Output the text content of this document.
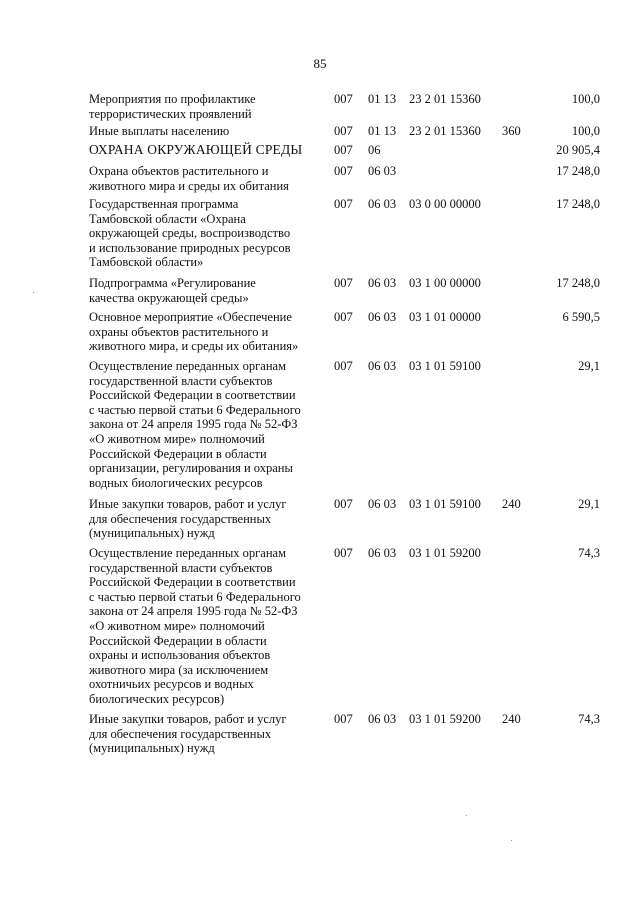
85
Мероприятия по профилактике
террористических проявлений
007 01 13 23 2 01 15360	100,0
Иные выплаты населению	007 01 13 23 2 01 15360 360	100,0
ОХРАНА ОКРУЖАЮЩЕЙ СРЕДЫ	007 06	20 905,4
Охрана объектов растительного и
животного мира и среды их обитания
007 06 03	17 248,0
Государственная программа
Тамбовской области «Охрана
окружающей среды, воспроизводство
и использование природных ресурсов
Тамбовской области»
007 06 03 03 0 00 00000	17 248,0
Подпрограмма «Регулирование
качества окружающей среды»
007 06 03 03 1 00 00000	17 248,0
Основное мероприятие «Обеспечение
охраны объектов растительного и
животного мира, и среды их обитания»
007 06 03 03 1 01 00000	6 590,5
Осуществление переданных органам
государственной власти субъектов
Российской Федерации в соответствии
с частью первой статьи 6 Федерального
закона от 24 апреля 1995 года № 52-ФЗ
«О животном мире» полномочий
Российской Федерации в области
организации, регулирования и охраны
водных биологических ресурсов
007 06 03 03 1 01 59100	29,1
Иные закупки товаров, работ и услуг
для обеспечения государственных
(муниципальных) нужд
007 06 03 03 1 01 59100 240	29,1
Осуществление переданных органам
государственной власти субъектов
Российской Федерации в соответствии
с частью первой статьи 6 Федерального
закона от 24 апреля 1995 года № 52-ФЗ
«О животном мире» полномочий
Российской Федерации в области
охраны и использования объектов
животного мира (за исключением
охотничьих ресурсов и водных
биологических ресурсов)
007 06 03 03 1 01 59200	74,3
Иные закупки товаров, работ и услуг
для обеспечения государственных
(муниципальных) нужд
007 06 03 03 1 01 59200 240	74,3
